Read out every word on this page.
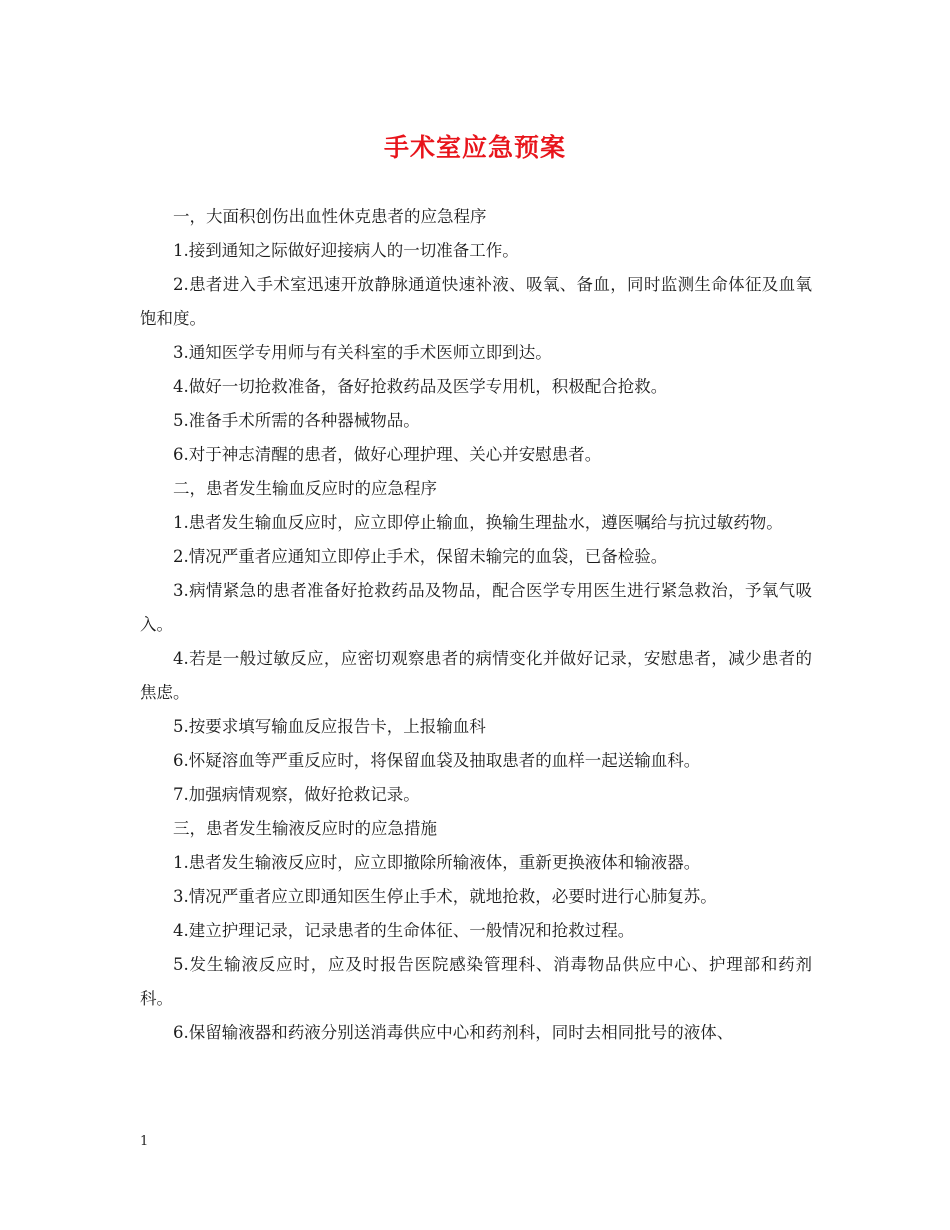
手术室应急预案

一，大面积创伤出血性休克患者的应急程序

1.接到通知之际做好迎接病人的一切准备工作。

2.患者进入手术室迅速开放静脉通道快速补液、吸氧、备血，同时监测生命体征及血氧饱和度。

3.通知医学专用师与有关科室的手术医师立即到达。

4.做好一切抢救准备，备好抢救药品及医学专用机，积极配合抢救。

5.准备手术所需的各种器械物品。

6.对于神志清醒的患者，做好心理护理、关心并安慰患者。

二，患者发生输血反应时的应急程序

1.患者发生输血反应时，应立即停止输血，换输生理盐水，遵医嘱给与抗过敏药物。

2.情况严重者应通知立即停止手术，保留未输完的血袋，已备检验。

3.病情紧急的患者准备好抢救药品及物品，配合医学专用医生进行紧急救治，予氧气吸入。

4.若是一般过敏反应，应密切观察患者的病情变化并做好记录，安慰患者，减少患者的焦虑。

5.按要求填写输血反应报告卡，上报输血科

6.怀疑溶血等严重反应时，将保留血袋及抽取患者的血样一起送输血科。

7.加强病情观察，做好抢救记录。

三，患者发生输液反应时的应急措施

1.患者发生输液反应时，应立即撤除所输液体，重新更换液体和输液器。

3.情况严重者应立即通知医生停止手术，就地抢救，必要时进行心肺复苏。

4.建立护理记录，记录患者的生命体征、一般情况和抢救过程。

5.发生输液反应时，应及时报告医院感染管理科、消毒物品供应中心、护理部和药剂科。

6.保留输液器和药液分别送消毒供应中心和药剂科，同时去相同批号的液体、

1
